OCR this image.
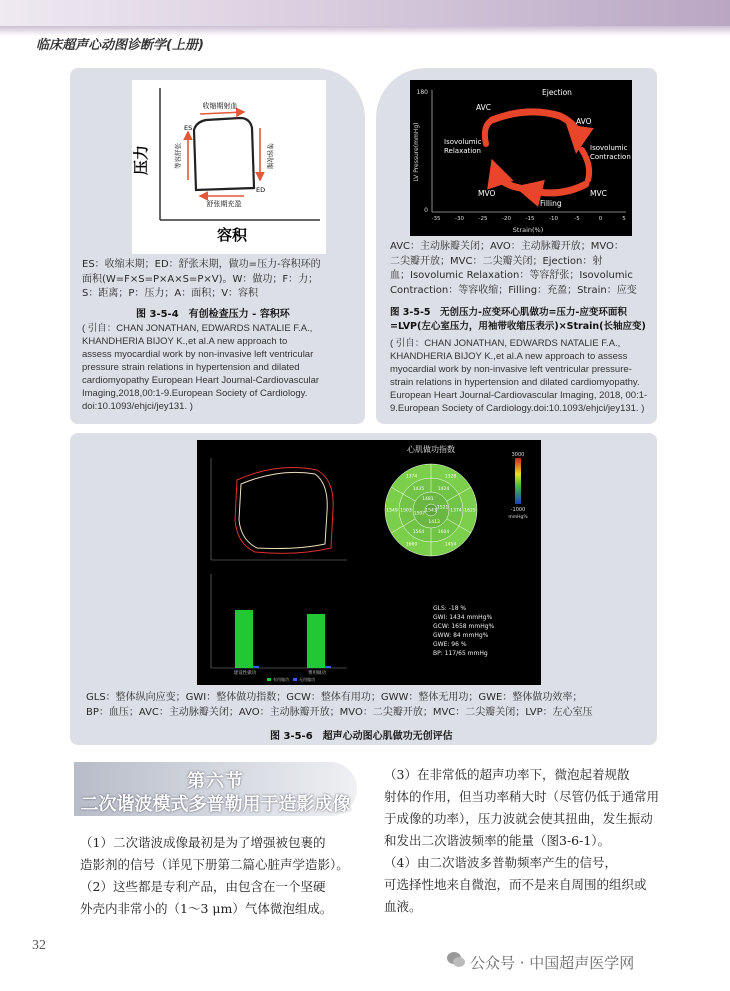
临床超声心动图诊断学(上册)
压力
容积
收缩期射血
舒张期充盈
等容收缩
等容舒张
ES
ED
ES：收缩末期；ED：舒张末期，做功=压力-容积环的
面积(W=F×S=P×A×S=P×V)。W：做功；F：力；
S：距离；P：压力；A：面积；V：容积
图 3-5-4　有创检查压力 - 容积环
( 引自：CHAN JONATHAN, EDWARDS NATALIE F.A.,
KHANDHERIA BIJOY K.,et al.A new approach to
assess myocardial work by non-invasive left ventricular
pressure strain relations in hypertension and dilated
cardiomyopathy European Heart Journal-Cardiovascular
Imaging,2018,00:1-9.European Society of Cardiology.
doi:10.1093/ehjci/jey131. )
180
0
LV Pressure(mmHg)
-35	-30	-25	-20	-15	-10	-5	0	5
Strain(%)
Ejection
AVC
AVO
Isovolumic Relaxation	Isovolumic Contraction
MVO	MVC
Filling
AVC：主动脉瓣关闭；AVO：主动脉瓣开放；MVO：
二尖瓣开放；MVC：二尖瓣关闭；Ejection：射
血；Isovolumic Relaxation：等容舒张；Isovolumic
Contraction：等容收缩；Filling：充盈；Strain：应变
图 3-5-5　无创压力-应变环心肌做功=压力-应变环面积
=LVP(左心室压力，用袖带收缩压表示)×Strain(长轴应变)
( 引自：CHAN JONATHAN, EDWARDS NATALIE F.A.,
KHANDHERIA BIJOY K.,et al.A new approach to assess
myocardial work by non-invasive left ventricular pressure-
strain relations in hypertension and dilated cardiomyopathy.
European Heart Journal-Cardiovascular Imaging, 2018, 00:1-
9.European Society of Cardiology.doi:10.1093/ehjci/jey131. )
心肌做功指数
1328
1625
1454
1660
1549
1374
1424
1374
1604
1564
1503
1435
1521
1413
1507
1481
1543
3000
-1000
mmHg%
建设性做功	费用做功
有用做功	无用做功
GLS: -18 %
GWI: 1434 mmHg%
GCW: 1658 mmHg%
GWW: 84 mmHg%
GWE: 96 %
BP: 117/65 mmHg
GLS：整体纵向应变；GWI：整体做功指数；GCW：整体有用功；GWW：整体无用功；GWE：整体做功效率；
BP：血压；AVC：主动脉瓣关闭；AVO：主动脉瓣开放；MVO：二尖瓣开放；MVC：二尖瓣关闭；LVP：左心室压
图 3-5-6　超声心动图心肌做功无创评估
第六节
二次谐波模式多普勒用于造影成像
（1）二次谐波成像最初是为了增强被包裹的
造影剂的信号（详见下册第二篇心脏声学造影）。
（2）这些都是专利产品，由包含在一个坚硬
外壳内非常小的（1～3 μm）气体微泡组成。
（3）在非常低的超声功率下，微泡起着规散
射体的作用，但当功率稍大时（尽管仍低于通常用
于成像的功率），压力波就会使其扭曲，发生振动
和发出二次谐波频率的能量（图3-6-1）。
（4）由二次谐波多普勒频率产生的信号，
可选择性地来自微泡，而不是来自周围的组织或
血液。
32
公众号 · 中国超声医学网
